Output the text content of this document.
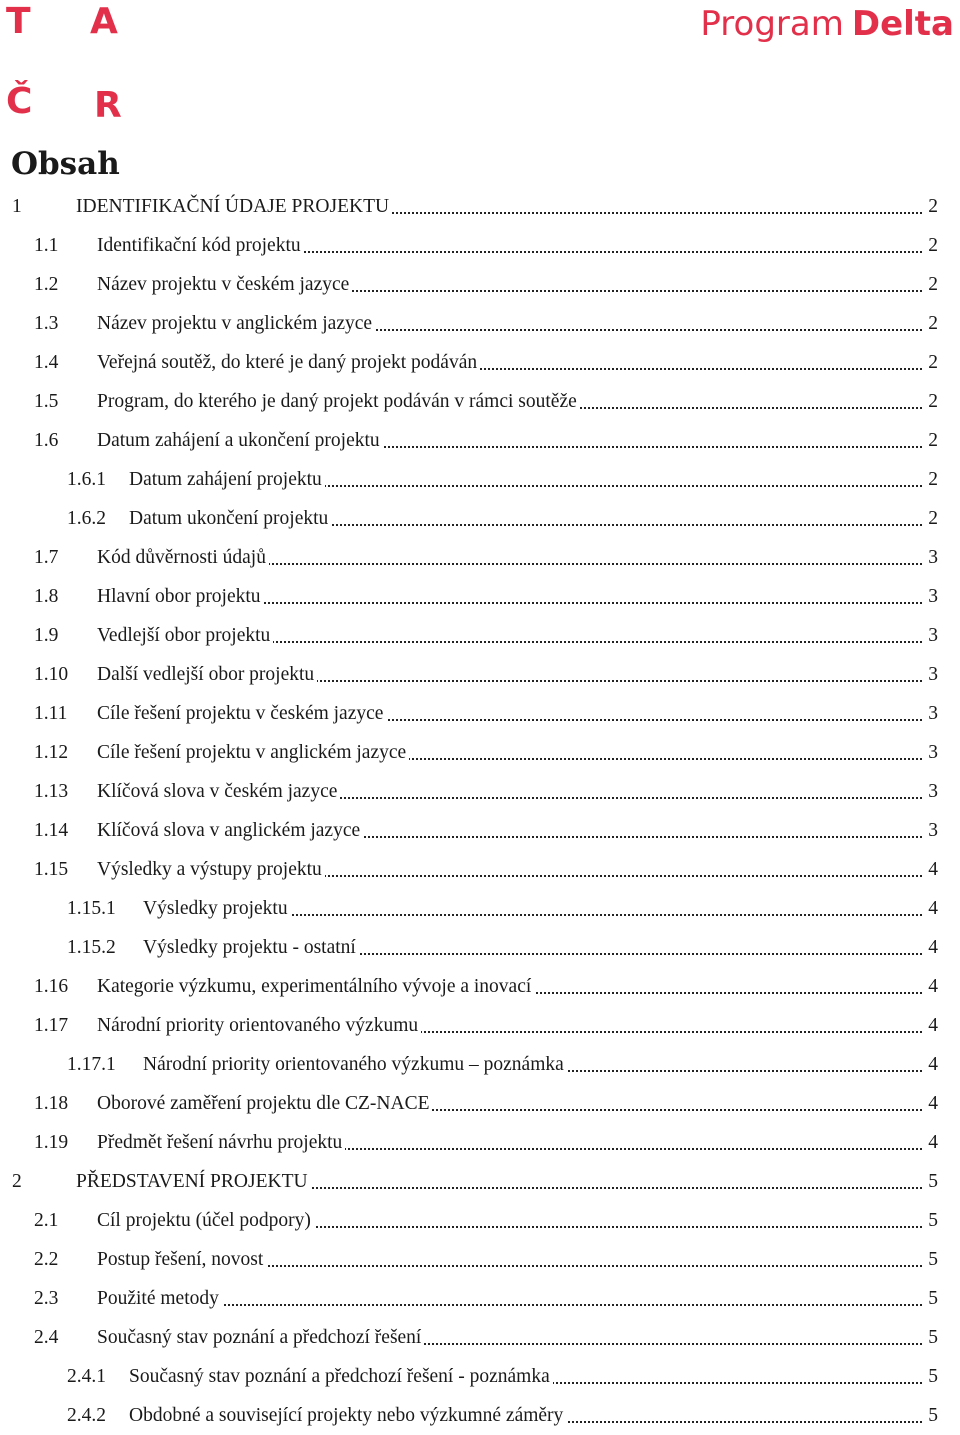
T A
Č R
Program Delta
Obsah
1	IDENTIFIKAČNÍ ÚDAJE PROJEKTU	2
1.1 Identifikační kód projektu	2
1.2 Název projektu v českém jazyce	2
1.3 Název projektu v anglickém jazyce	2
1.4 Veřejná soutěž, do které je daný projekt podáván	2
1.5 Program, do kterého je daný projekt podáván v rámci soutěže	2
1.6 Datum zahájení a ukončení projektu	2
1.6.1 Datum zahájení projektu	2
1.6.2 Datum ukončení projektu	2
1.7 Kód důvěrnosti údajů	3
1.8 Hlavní obor projektu	3
1.9 Vedlejší obor projektu	3
1.10 Další vedlejší obor projektu	3
1.11 Cíle řešení projektu v českém jazyce	3
1.12 Cíle řešení projektu v anglickém jazyce	3
1.13 Klíčová slova v českém jazyce	3
1.14 Klíčová slova v anglickém jazyce	3
1.15 Výsledky a výstupy projektu	4
1.15.1 Výsledky projektu	4
1.15.2 Výsledky projektu - ostatní	4
1.16 Kategorie výzkumu, experimentálního vývoje a inovací	4
1.17 Národní priority orientovaného výzkumu	4
1.17.1 Národní priority orientovaného výzkumu – poznámka	4
1.18 Oborové zaměření projektu dle CZ-NACE	4
1.19 Předmět řešení návrhu projektu	4
2	PŘEDSTAVENÍ PROJEKTU	5
2.1 Cíl projektu (účel podpory)	5
2.2 Postup řešení, novost	5
2.3 Použité metody	5
2.4 Současný stav poznání a předchozí řešení	5
2.4.1 Současný stav poznání a předchozí řešení - poznámka	5
2.4.2 Obdobné a související projekty nebo výzkumné záměry	5
